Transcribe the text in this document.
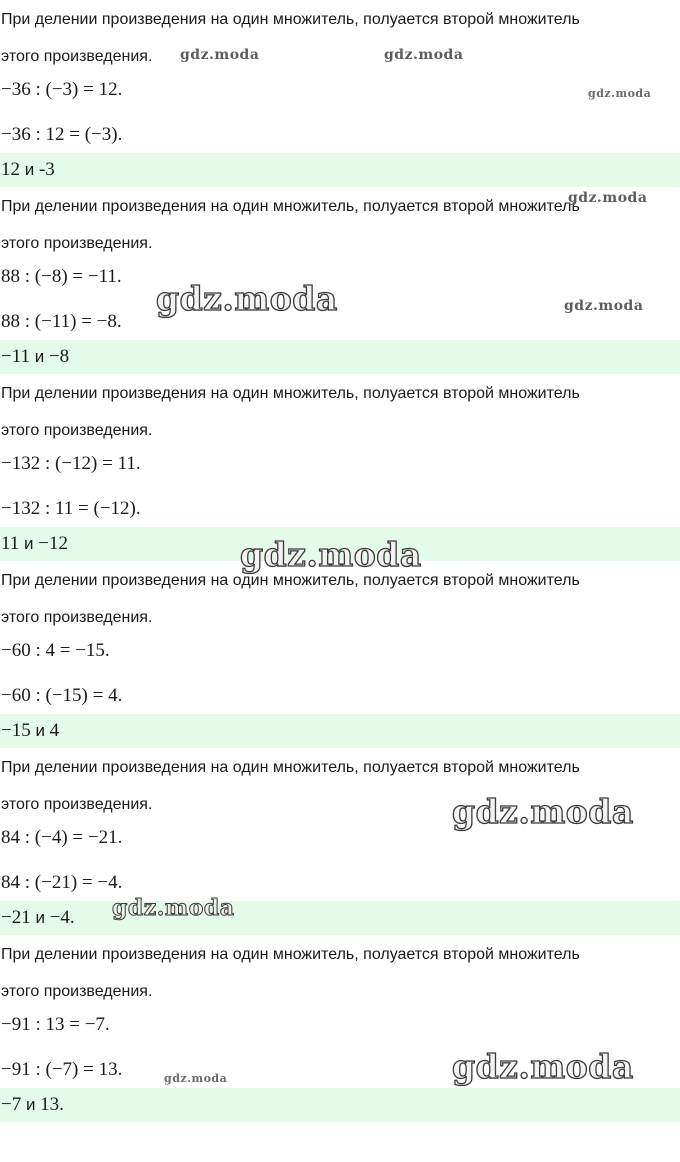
При делении произведения на один множитель, полуается второй множитель
этого произведения.
−36 : (−3) = 12.
−36 : 12 = (−3).
12 и -3
При делении произведения на один множитель, полуается второй множитель
этого произведения.
88 : (−8) = −11.
88 : (−11) = −8.
−11 и −8
При делении произведения на один множитель, полуается второй множитель
этого произведения.
−132 : (−12) = 11.
−132 : 11 = (−12).
11 и −12
При делении произведения на один множитель, полуается второй множитель
этого произведения.
−60 : 4 = −15.
−60 : (−15) = 4.
−15 и 4
При делении произведения на один множитель, полуается второй множитель
этого произведения.
84 : (−4) = −21.
84 : (−21) = −4.
−21 и −4.
При делении произведения на один множитель, полуается второй множитель
этого произведения.
−91 : 13 = −7.
−91 : (−7) = 13.
−7 и 13.
gdz.moda	gdz.moda
gdz.moda
gdz.moda
gdz.moda	gdz.moda
gdz.moda
gdz.moda
gdz.moda
gdz.moda
gdz.moda
